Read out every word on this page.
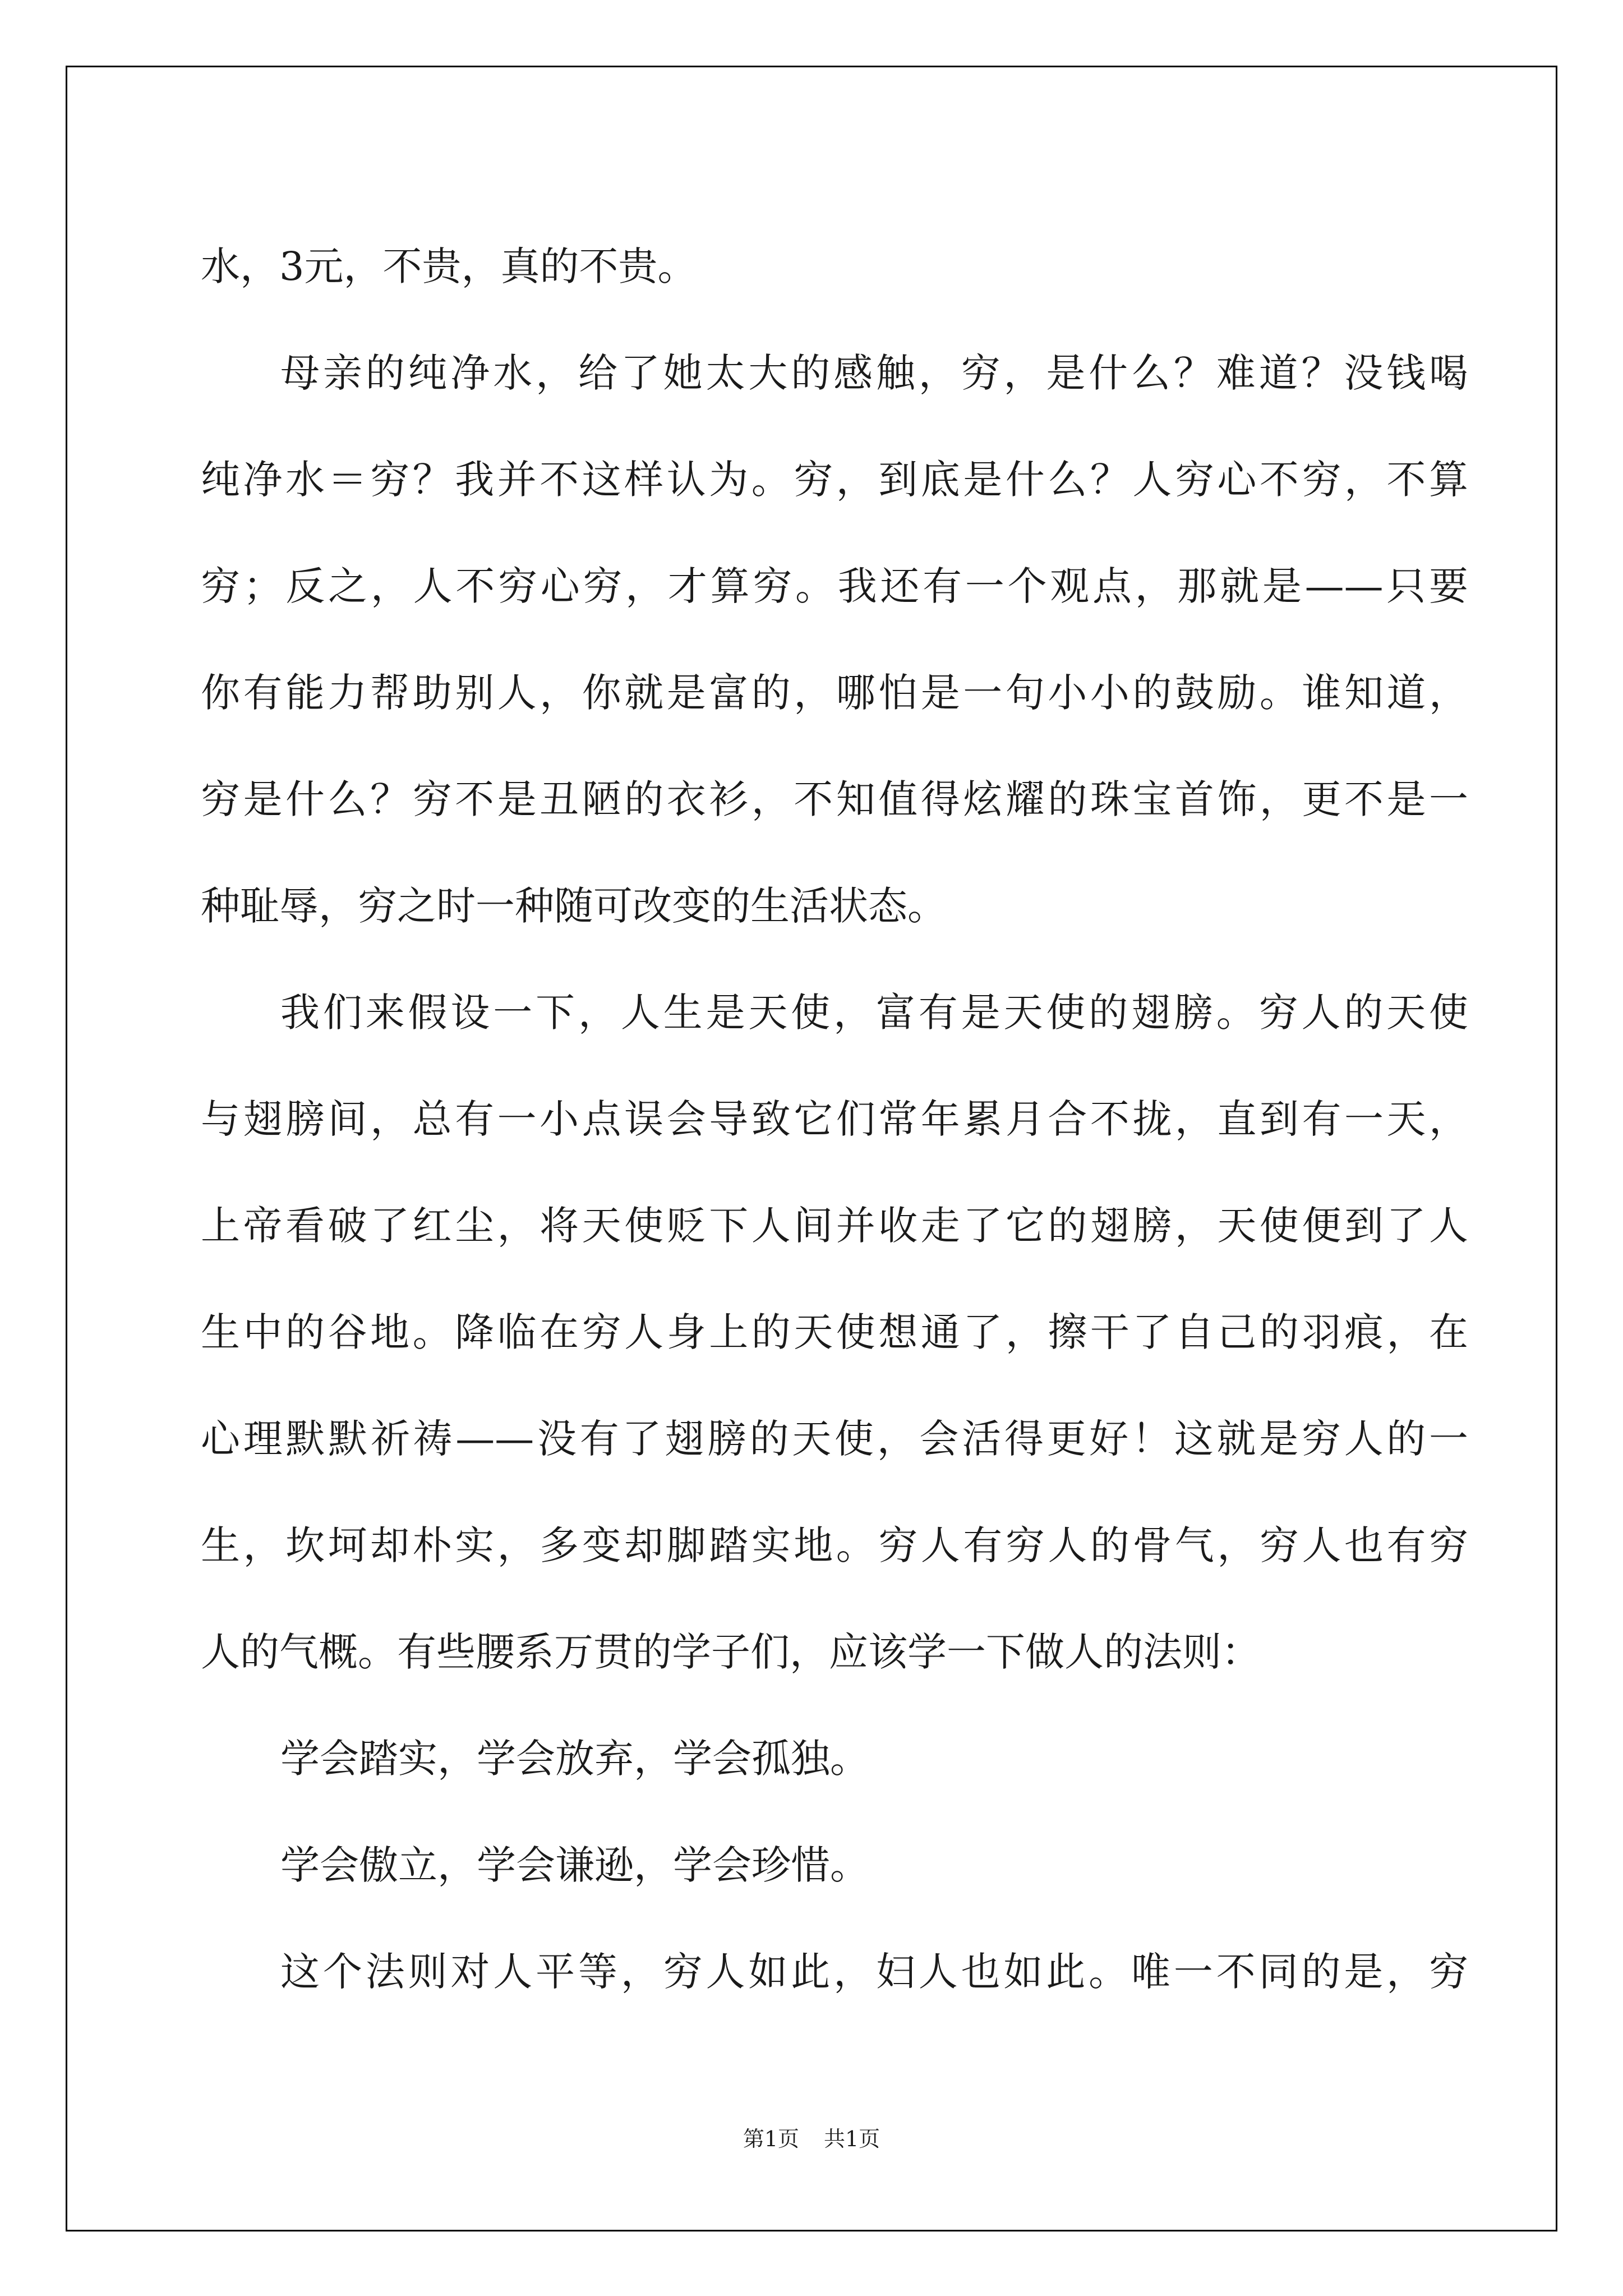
水，3元，不贵，真的不贵。
母亲的纯净水，给了她太大的感触，穷，是什么？难道？没钱喝
纯净水＝穷？我并不这样认为。穷，到底是什么？人穷心不穷，不算
穷；反之，人不穷心穷，才算穷。我还有一个观点，那就是——只要
你有能力帮助别人，你就是富的，哪怕是一句小小的鼓励。谁知道，
穷是什么？穷不是丑陋的衣衫，不知值得炫耀的珠宝首饰，更不是一
种耻辱，穷之时一种随可改变的生活状态。
我们来假设一下，人生是天使，富有是天使的翅膀。穷人的天使
与翅膀间，总有一小点误会导致它们常年累月合不拢，直到有一天，
上帝看破了红尘，将天使贬下人间并收走了它的翅膀，天使便到了人
生中的谷地。降临在穷人身上的天使想通了，擦干了自己的羽痕，在
心理默默祈祷——没有了翅膀的天使，会活得更好！这就是穷人的一
生，坎坷却朴实，多变却脚踏实地。穷人有穷人的骨气，穷人也有穷
人的气概。有些腰系万贯的学子们，应该学一下做人的法则：
学会踏实，学会放弃，学会孤独。
学会傲立，学会谦逊，学会珍惜。
这个法则对人平等，穷人如此，妇人也如此。唯一不同的是，穷
第1页 共1页
